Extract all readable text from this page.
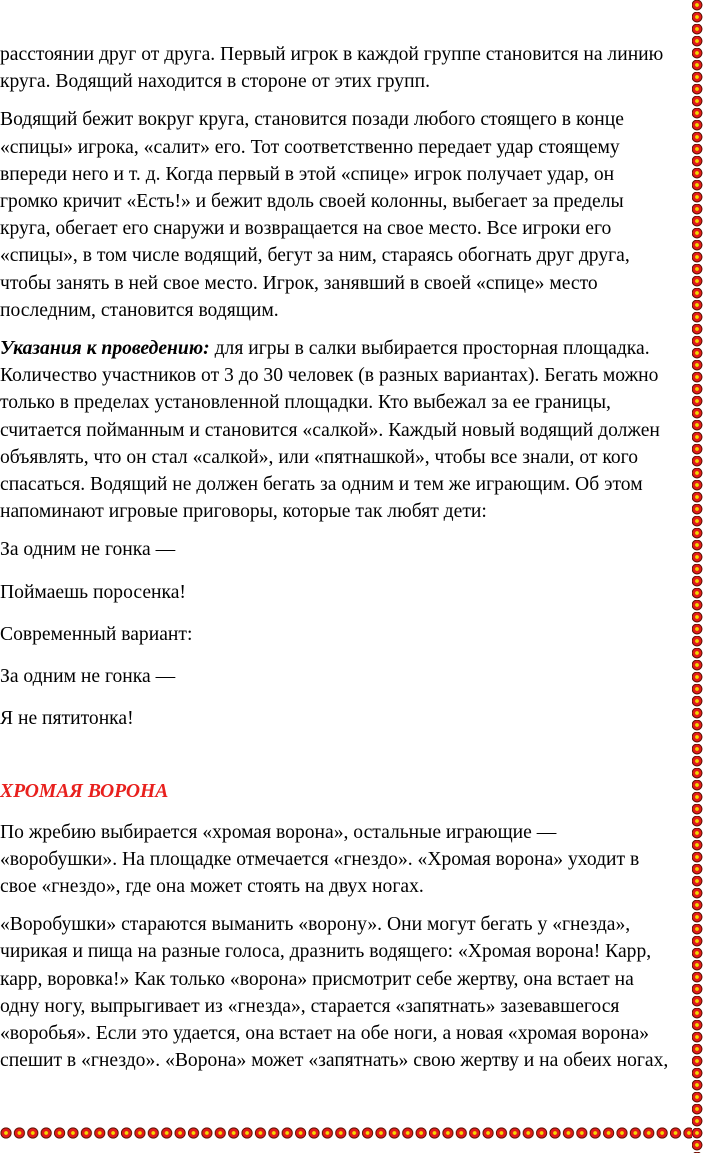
расстоянии друг от друга. Первый игрок в каждой группе становится на линию
круга. Водящий находится в стороне от этих групп.

Водящий бежит вокруг круга, становится позади любого стоящего в конце
«спицы» игрока, «салит» его. Тот соответственно передает удар стоящему
впереди него и т. д. Когда первый в этой «спице» игрок получает удар, он
громко кричит «Есть!» и бежит вдоль своей колонны, выбегает за пределы
круга, обегает его снаружи и возвращается на свое место. Все игроки его
«спицы», в том числе водящий, бегут за ним, стараясь обогнать друг друга,
чтобы занять в ней свое место. Игрок, занявший в своей «спице» место
последним, становится водящим.

Указания к проведению: для игры в салки выбирается просторная площадка.
Количество участников от 3 до 30 человек (в разных вариантах). Бегать можно
только в пределах установленной площадки. Кто выбежал за ее границы,
считается пойманным и становится «салкой». Каждый новый водящий должен
объявлять, что он стал «салкой», или «пятнашкой», чтобы все знали, от кого
спасаться. Водящий не должен бегать за одним и тем же играющим. Об этом
напоминают игровые приговоры, которые так любят дети:

За одним не гонка —

Поймаешь поросенка!

Современный вариант:

За одним не гонка —

Я не пятитонка!

ХРОМАЯ ВОРОНА

По жребию выбирается «хромая ворона», остальные играющие —
«воробушки». На площадке отмечается «гнездо». «Хромая ворона» уходит в
свое «гнездо», где она может стоять на двух ногах.

«Воробушки» стараются выманить «ворону». Они могут бегать у «гнезда»,
чирикая и пища на разные голоса, дразнить водящего: «Хромая ворона! Карр,
карр, воровка!» Как только «ворона» присмотрит себе жертву, она встает на
одну ногу, выпрыгивает из «гнезда», старается «запятнать» зазевавшегося
«воробья». Если это удается, она встает на обе ноги, а новая «хромая ворона»
спешит в «гнездо». «Ворона» может «запятнать» свою жертву и на обеих ногах,
